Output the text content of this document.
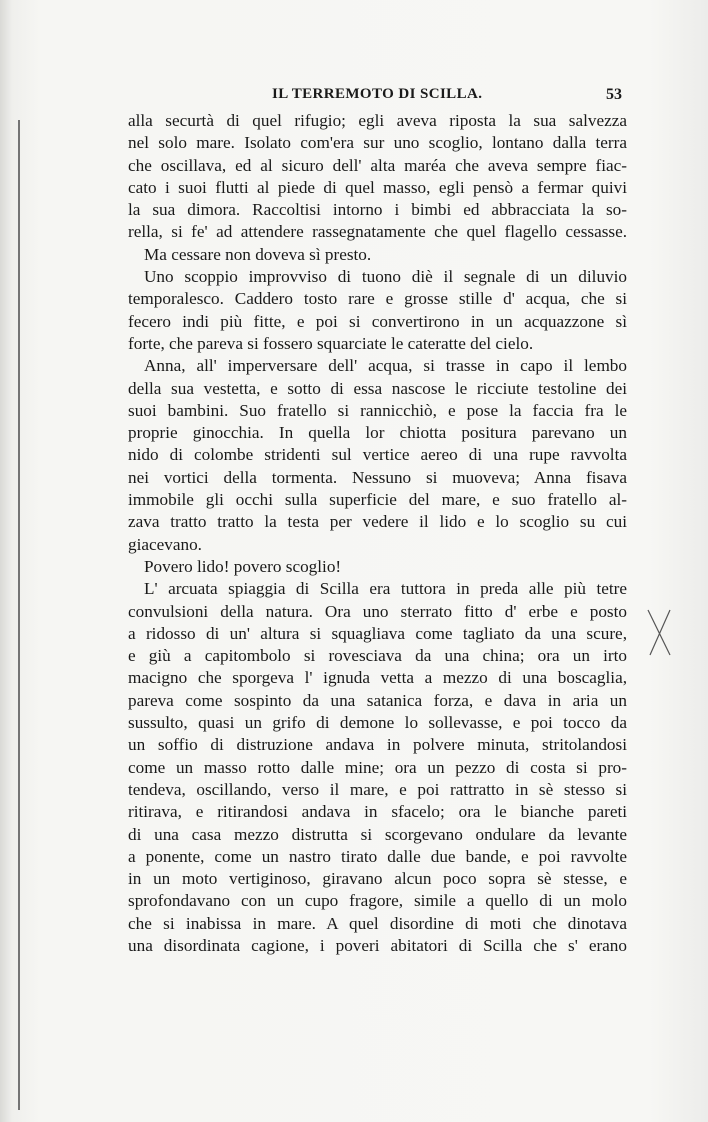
IL TERREMOTO DI SCILLA.	53
alla securtà di quel rifugio; egli aveva riposta la sua salvezza
nel solo mare. Isolato com'era sur uno scoglio, lontano dalla terra
che oscillava, ed al sicuro dell' alta maréa che aveva sempre fiac-
cato i suoi flutti al piede di quel masso, egli pensò a fermar quivi
la sua dimora. Raccoltisi intorno i bimbi ed abbracciata la so-
rella, si fe' ad attendere rassegnatamente che quel flagello cessasse.
Ma cessare non doveva sì presto.
Uno scoppio improvviso di tuono diè il segnale di un diluvio
temporalesco. Caddero tosto rare e grosse stille d' acqua, che si
fecero indi più fitte, e poi si convertirono in un acquazzone sì
forte, che pareva si fossero squarciate le cateratte del cielo.
Anna, all' imperversare dell' acqua, si trasse in capo il lembo
della sua vestetta, e sotto di essa nascose le ricciute testoline dei
suoi bambini. Suo fratello si rannicchiò, e pose la faccia fra le
proprie ginocchia. In quella lor chiotta positura parevano un
nido di colombe stridenti sul vertice aereo di una rupe ravvolta
nei vortici della tormenta. Nessuno si muoveva; Anna fisava
immobile gli occhi sulla superficie del mare, e suo fratello al-
zava tratto tratto la testa per vedere il lido e lo scoglio su cui
giacevano.
Povero lido! povero scoglio!
L' arcuata spiaggia di Scilla era tuttora in preda alle più tetre
convulsioni della natura. Ora uno sterrato fitto d' erbe e posto
a ridosso di un' altura si squagliava come tagliato da una scure,
e giù a capitombolo si rovesciava da una china; ora un irto
macigno che sporgeva l' ignuda vetta a mezzo di una boscaglia,
pareva come sospinto da una satanica forza, e dava in aria un
sussulto, quasi un grifo di demone lo sollevasse, e poi tocco da
un soffio di distruzione andava in polvere minuta, stritolandosi
come un masso rotto dalle mine; ora un pezzo di costa si pro-
tendeva, oscillando, verso il mare, e poi rattratto in sè stesso si
ritirava, e ritirandosi andava in sfacelo; ora le bianche pareti
di una casa mezzo distrutta si scorgevano ondulare da levante
a ponente, come un nastro tirato dalle due bande, e poi ravvolte
in un moto vertiginoso, giravano alcun poco sopra sè stesse, e
sprofondavano con un cupo fragore, simile a quello di un molo
che si inabissa in mare. A quel disordine di moti che dinotava
una disordinata cagione, i poveri abitatori di Scilla che s' erano
